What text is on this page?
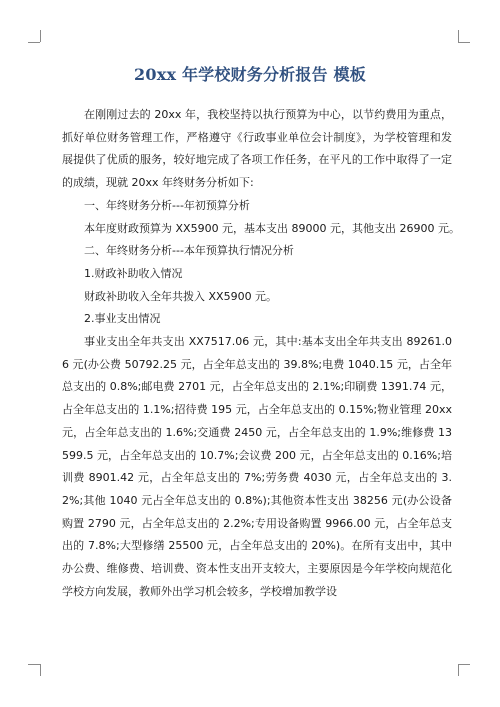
20xx 年学校财务分析报告 模板

在刚刚过去的 20xx 年，我校坚持以执行预算为中心，以节约费用为重点，抓好单位财务管理工作，严格遵守《行政事业单位会计制度》，为学校管理和发展提供了优质的服务，较好地完成了各项工作任务，在平凡的工作中取得了一定的成绩，现就 20xx 年终财务分析如下:

一、年终财务分析---年初预算分析

本年度财政预算为 XX5900 元，基本支出 89000 元，其他支出 26900 元。

二、年终财务分析---本年预算执行情况分析

1.财政补助收入情况

财政补助收入全年共拨入 XX5900 元。

2.事业支出情况

事业支出全年共支出 XX7517.06 元，其中:基本支出全年共支出 89261.06 元(办公费 50792.25 元，占全年总支出的 39.8%;电费 1040.15 元，占全年总支出的 0.8%;邮电费 2701 元，占全年总支出的 2.1%;印刷费 1391.74 元，占全年总支出的 1.1%;招待费 195 元，占全年总支出的 0.15%;物业管理 20xx 元，占全年总支出的 1.6%;交通费 2450 元，占全年总支出的 1.9%;维修费 13599.5 元，占全年总支出的 10.7%;会议费 200 元，占全年总支出的 0.16%;培训费 8901.42 元，占全年总支出的 7%;劳务费 4030 元，占全年总支出的 3.2%;其他 1040 元占全年总支出的 0.8%);其他资本性支出 38256 元(办公设备购置 2790 元，占全年总支出的 2.2%;专用设备购置 9966.00 元，占全年总支出的 7.8%;大型修缮 25500 元，占全年总支出的 20%)。在所有支出中，其中办公费、维修费、培训费、资本性支出开支较大，主要原因是今年学校向规范化学校方向发展，教师外出学习机会较多，学校增加教学设
